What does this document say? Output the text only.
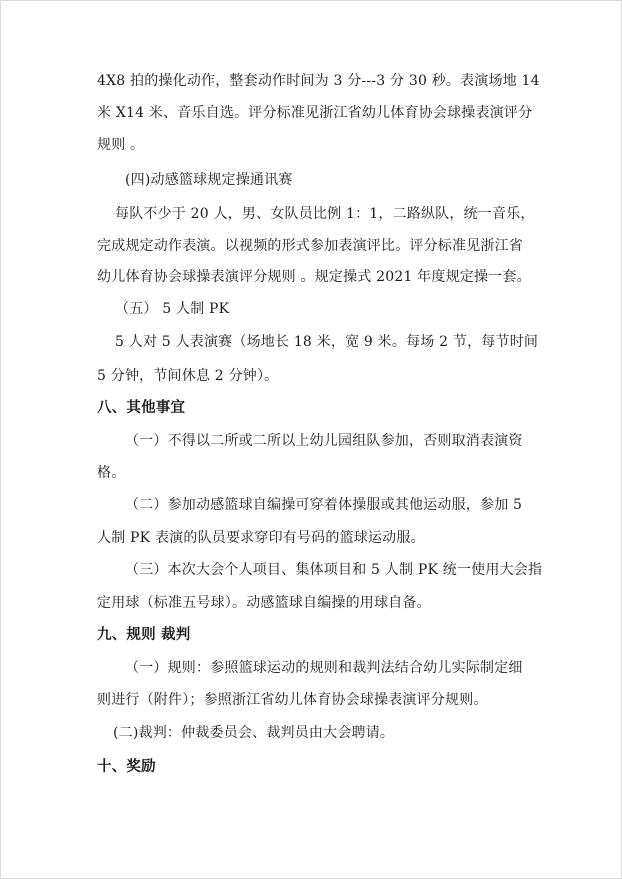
4X8 拍的操化动作，整套动作时间为 3 分---3 分 30 秒。表演场地 14
米 X14 米、音乐自选。评分标准见浙江省幼儿体育协会球操表演评分
规则 。
(四)动感篮球规定操通讯赛
每队不少于 20 人，男、女队员比例 1：1，二路纵队，统一音乐，
完成规定动作表演。以视频的形式参加表演评比。评分标准见浙江省
幼儿体育协会球操表演评分规则 。规定操式 2021 年度规定操一套。
（五） 5 人制 PK
5 人对 5 人表演赛（场地长 18 米，宽 9 米。每场 2 节，每节时间
5 分钟，节间休息 2 分钟）。
八、其他事宜
（一）不得以二所或二所以上幼儿园组队参加，否则取消表演资
格。
（二）参加动感篮球自编操可穿着体操服或其他运动服，参加 5
人制 PK 表演的队员要求穿印有号码的篮球运动服。
（三）本次大会个人项目、集体项目和 5 人制 PK 统一使用大会指
定用球（标准五号球）。动感篮球自编操的用球自备。
九、规则 裁判
（一）规则：参照篮球运动的规则和裁判法结合幼儿实际制定细
则进行（附件）；参照浙江省幼儿体育协会球操表演评分规则。
(二)裁判：仲裁委员会、裁判员由大会聘请。
十、奖励
